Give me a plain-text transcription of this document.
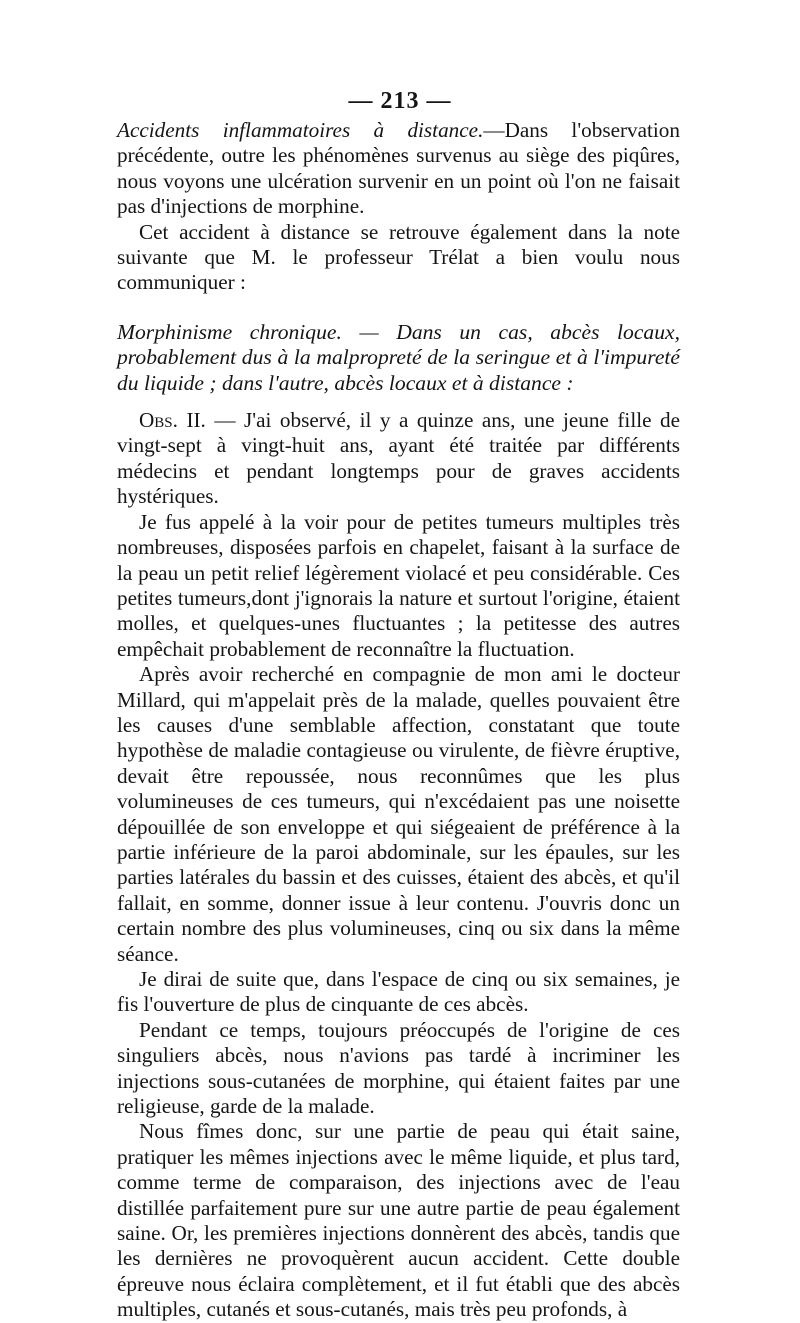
— 213 —

Accidents inflammatoires à distance.—Dans l'observation précédente, outre les phénomènes survenus au siège des piqûres, nous voyons une ulcération survenir en un point où l'on ne faisait pas d'injections de morphine.

Cet accident à distance se retrouve également dans la note suivante que M. le professeur Trélat a bien voulu nous communiquer :

Morphinisme chronique. — Dans un cas, abcès locaux, probablement dus à la malpropreté de la seringue et à l'impureté du liquide ; dans l'autre, abcès locaux et à distance :

Obs. II. — J'ai observé, il y a quinze ans, une jeune fille de vingt-sept à vingt-huit ans, ayant été traitée par différents médecins et pendant longtemps pour de graves accidents hystériques.

Je fus appelé à la voir pour de petites tumeurs multiples très nombreuses, disposées parfois en chapelet, faisant à la surface de la peau un petit relief légèrement violacé et peu considérable. Ces petites tumeurs,dont j'ignorais la nature et surtout l'origine, étaient molles, et quelques-unes fluctuantes ; la petitesse des autres empêchait probablement de reconnaître la fluctuation.

Après avoir recherché en compagnie de mon ami le docteur Millard, qui m'appelait près de la malade, quelles pouvaient être les causes d'une semblable affection, constatant que toute hypothèse de maladie contagieuse ou virulente, de fièvre éruptive, devait être repoussée, nous reconnûmes que les plus volumineuses de ces tumeurs, qui n'excédaient pas une noisette dépouillée de son enveloppe et qui siégeaient de préférence à la partie inférieure de la paroi abdominale, sur les épaules, sur les parties latérales du bassin et des cuisses, étaient des abcès, et qu'il fallait, en somme, donner issue à leur contenu. J'ouvris donc un certain nombre des plus volumineuses, cinq ou six dans la même séance.

Je dirai de suite que, dans l'espace de cinq ou six semaines, je fis l'ouverture de plus de cinquante de ces abcès.

Pendant ce temps, toujours préoccupés de l'origine de ces singuliers abcès, nous n'avions pas tardé à incriminer les injections sous-cutanées de morphine, qui étaient faites par une religieuse, garde de la malade.

Nous fîmes donc, sur une partie de peau qui était saine, pratiquer les mêmes injections avec le même liquide, et plus tard, comme terme de comparaison, des injections avec de l'eau distillée parfaitement pure sur une autre partie de peau également saine. Or, les premières injections donnèrent des abcès, tandis que les dernières ne provoquèrent aucun accident. Cette double épreuve nous éclaira complètement, et il fut établi que des abcès multiples, cutanés et sous-cutanés, mais très peu profonds, à
